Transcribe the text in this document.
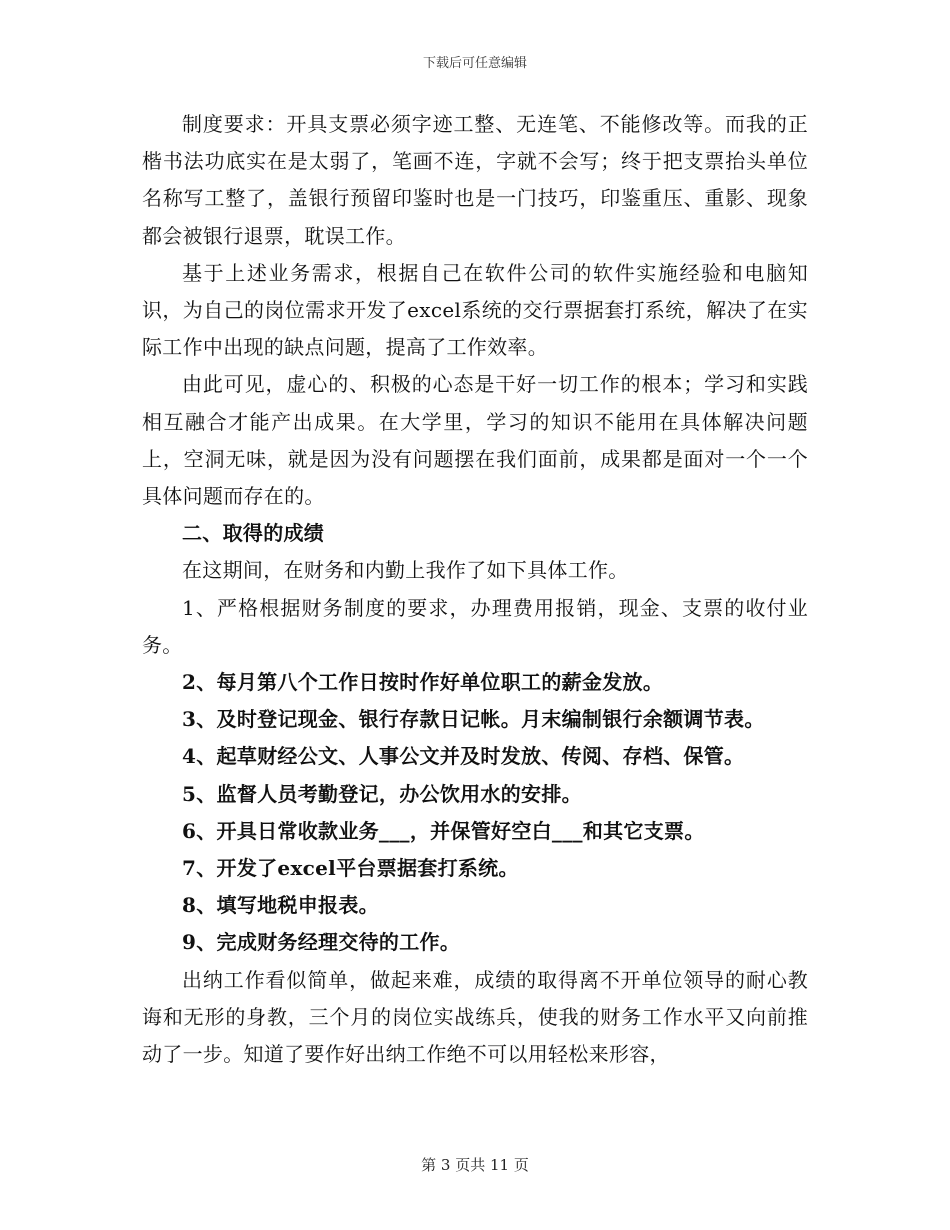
下载后可任意编辑

制度要求：开具支票必须字迹工整、无连笔、不能修改等。而我的正楷书法功底实在是太弱了，笔画不连，字就不会写；终于把支票抬头单位名称写工整了，盖银行预留印鉴时也是一门技巧，印鉴重压、重影、现象都会被银行退票，耽误工作。

基于上述业务需求，根据自己在软件公司的软件实施经验和电脑知识，为自己的岗位需求开发了excel系统的交行票据套打系统，解决了在实际工作中出现的缺点问题，提高了工作效率。

由此可见，虚心的、积极的心态是干好一切工作的根本；学习和实践相互融合才能产出成果。在大学里，学习的知识不能用在具体解决问题上，空洞无味，就是因为没有问题摆在我们面前，成果都是面对一个一个具体问题而存在的。

二、取得的成绩

在这期间，在财务和内勤上我作了如下具体工作。

1、严格根据财务制度的要求，办理费用报销，现金、支票的收付业务。

2、每月第八个工作日按时作好单位职工的薪金发放。

3、及时登记现金、银行存款日记帐。月末编制银行余额调节表。

4、起草财经公文、人事公文并及时发放、传阅、存档、保管。

5、监督人员考勤登记，办公饮用水的安排。

6、开具日常收款业务___，并保管好空白___和其它支票。

7、开发了excel平台票据套打系统。

8、填写地税申报表。

9、完成财务经理交待的工作。

出纳工作看似简单，做起来难，成绩的取得离不开单位领导的耐心教诲和无形的身教，三个月的岗位实战练兵，使我的财务工作水平又向前推动了一步。知道了要作好出纳工作绝不可以用轻松来形容，

第 3 页共 11 页
